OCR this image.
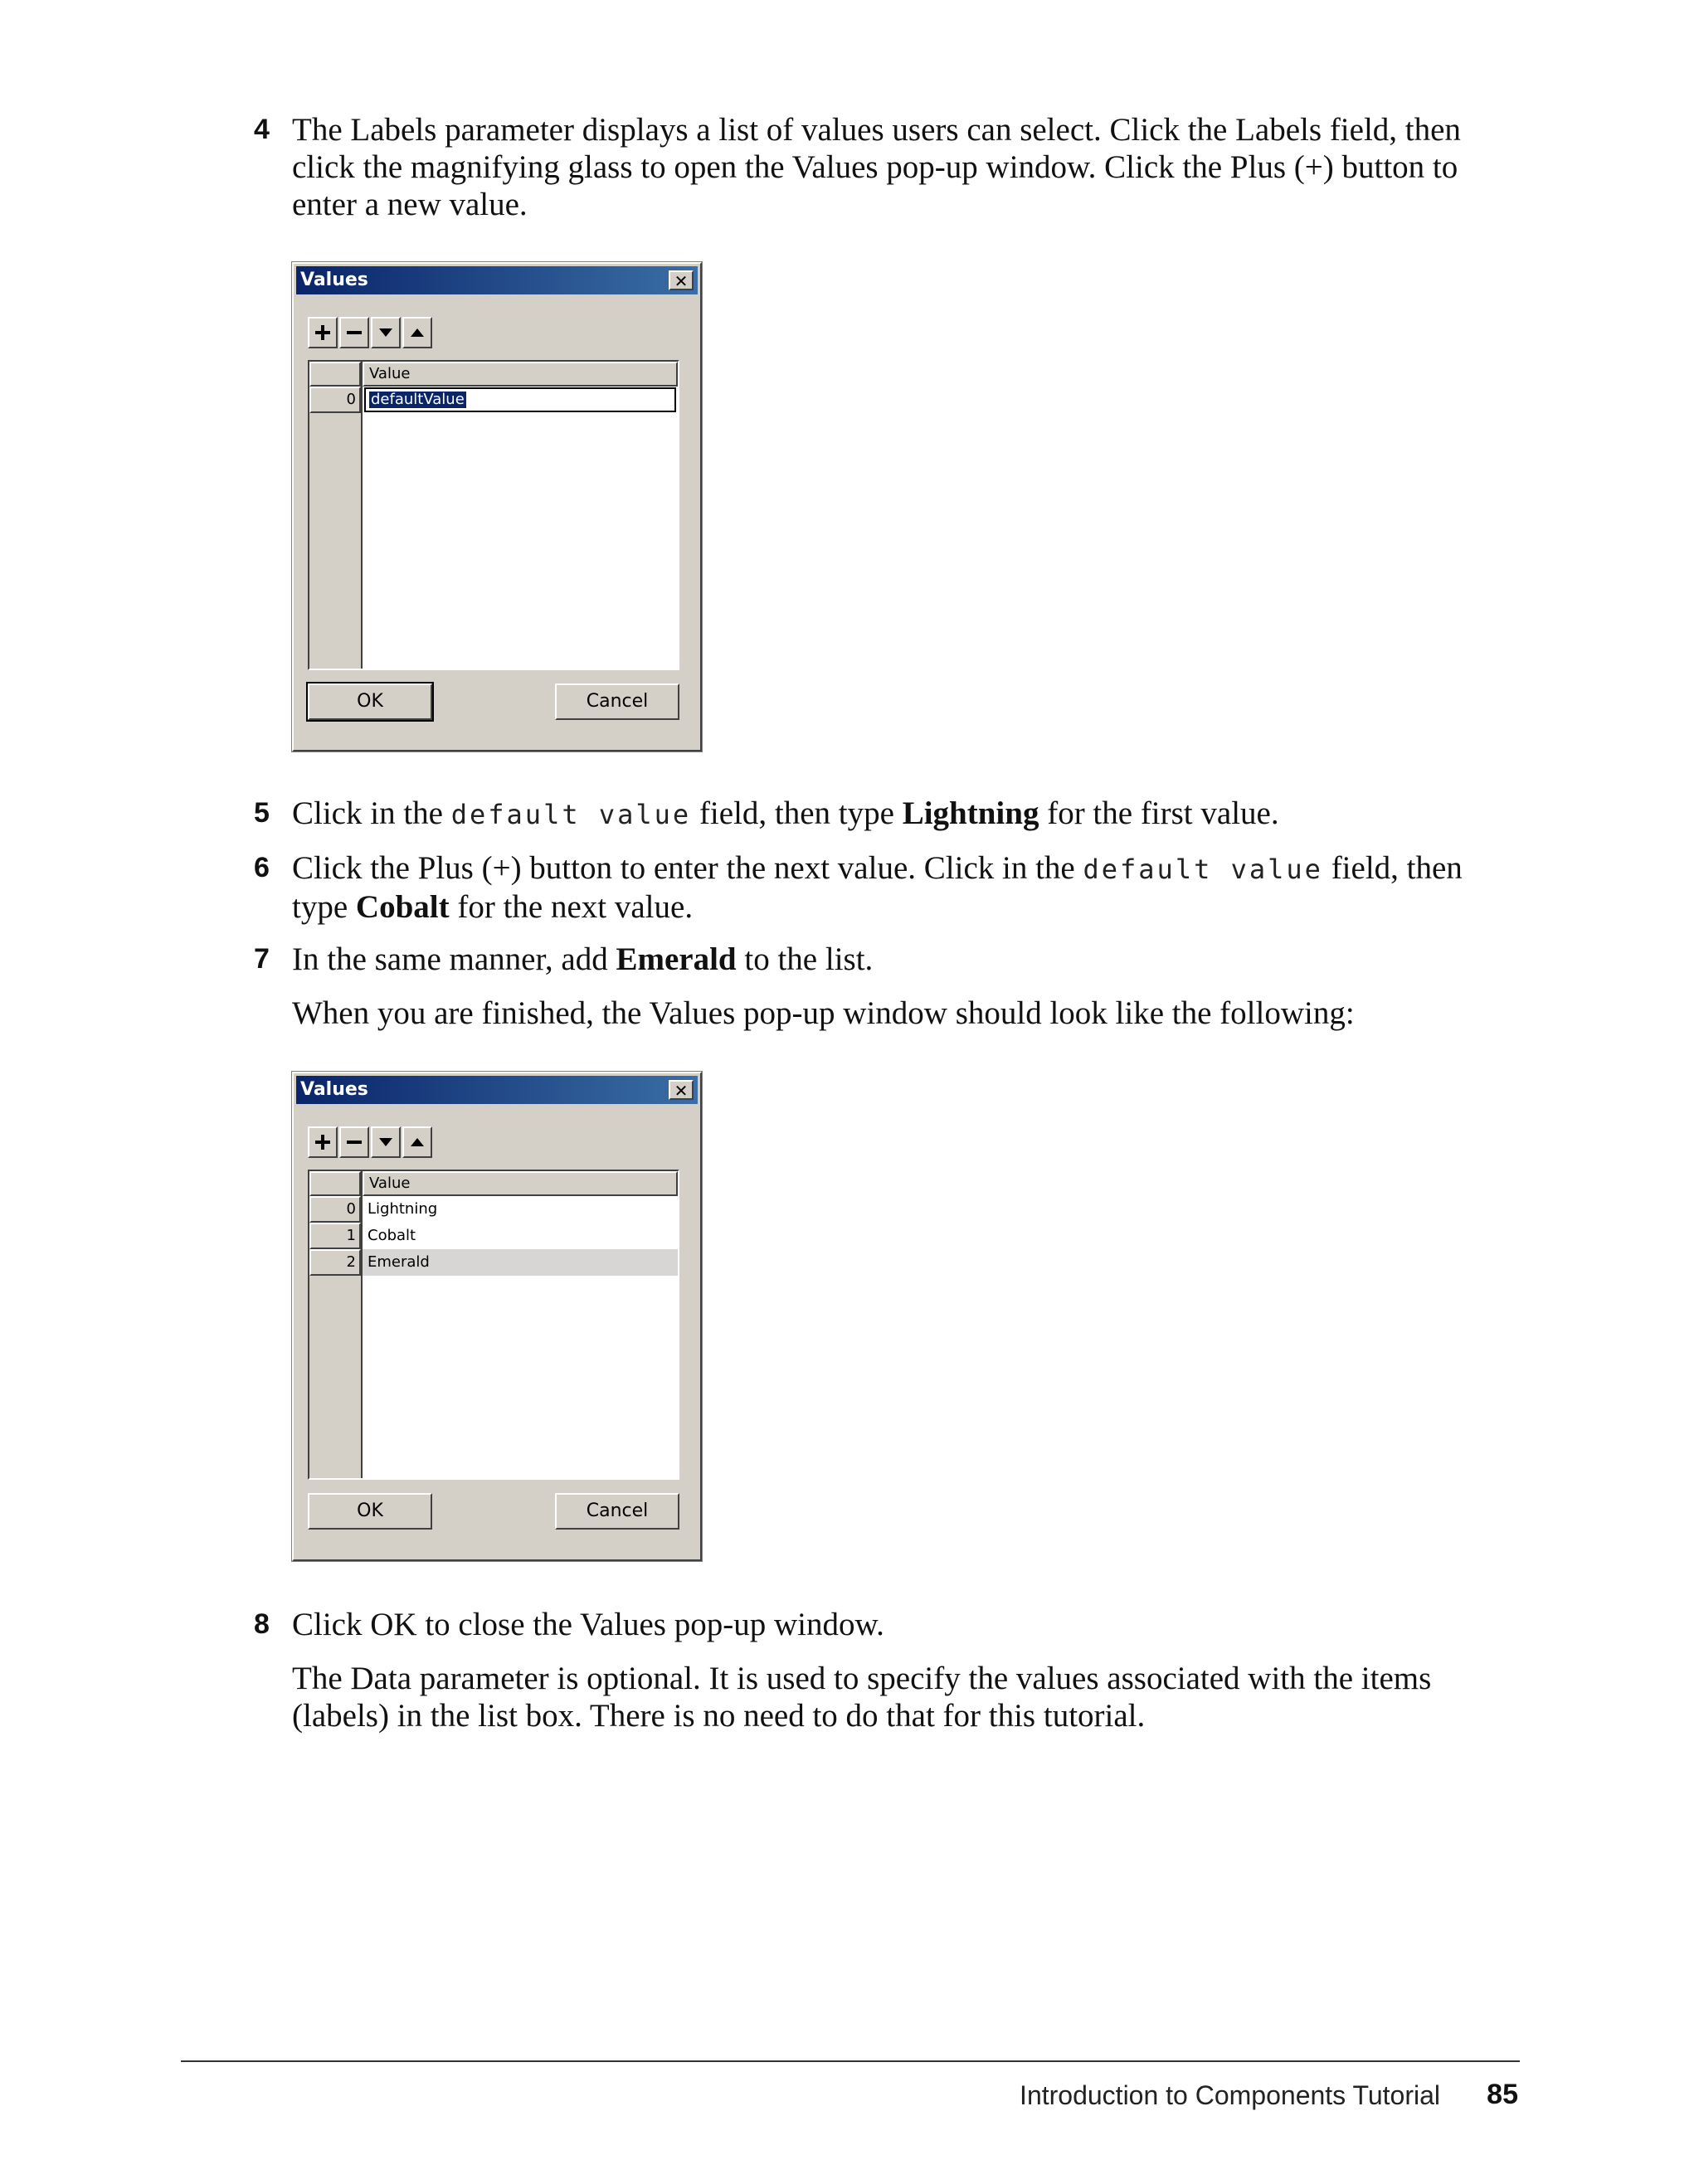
4 The Labels parameter displays a list of values users can select. Click the Labels field, then click the magnifying glass to open the Values pop-up window. Click the Plus (+) button to enter a new value.
Values	✕
Value
0	defaultValue
OK	Cancel
5 Click in the default value field, then type Lightning for the first value.
6 Click the Plus (+) button to enter the next value. Click in the default value field, then type Cobalt for the next value.
7 In the same manner, add Emerald to the list.
When you are finished, the Values pop-up window should look like the following:
Values	✕
Value
0 Lightning
1 Cobalt
2 Emerald
OK	Cancel
8 Click OK to close the Values pop-up window.
The Data parameter is optional. It is used to specify the values associated with the items (labels) in the list box. There is no need to do that for this tutorial.
Introduction to Components Tutorial 85
